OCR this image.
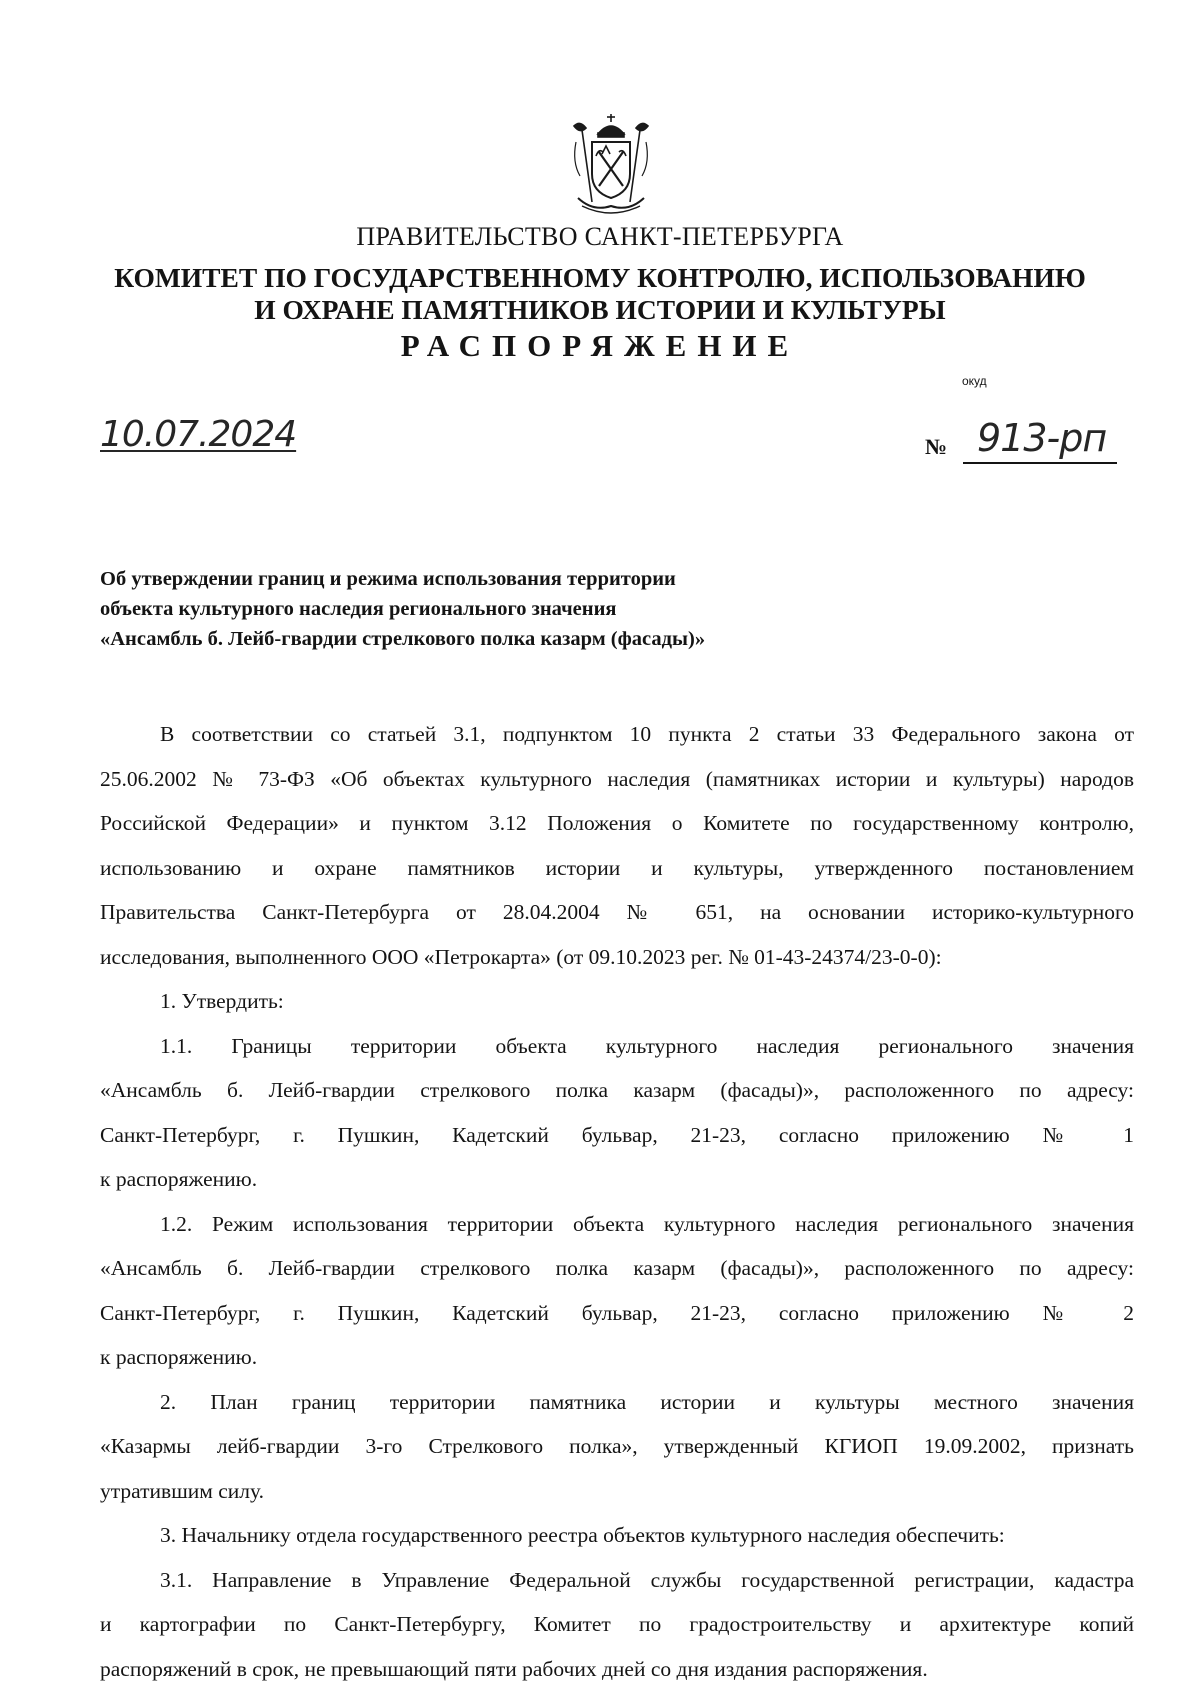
ПРАВИТЕЛЬСТВО САНКТ-ПЕТЕРБУРГА
КОМИТЕТ ПО ГОСУДАРСТВЕННОМУ КОНТРОЛЮ, ИСПОЛЬЗОВАНИЮ
И ОХРАНЕ ПАМЯТНИКОВ ИСТОРИИ И КУЛЬТУРЫ
РАСПОРЯЖЕНИЕ
окуд
10.07.2024	№ 913-рп
Об утверждении границ и режима использования территории
объекта культурного наследия регионального значения
«Ансамбль б. Лейб-гвардии стрелкового полка казарм (фасады)»
В соответствии со статьей 3.1, подпунктом 10 пункта 2 статьи 33 Федерального закона от
25.06.2002 № 73-ФЗ «Об объектах культурного наследия (памятниках истории и культуры) народов
Российской Федерации» и пунктом 3.12 Положения о Комитете по государственному контролю,
использованию и охране памятников истории и культуры, утвержденного постановлением
Правительства Санкт-Петербурга от 28.04.2004 № 651, на основании историко-культурного
исследования, выполненного ООО «Петрокарта» (от 09.10.2023 рег. № 01-43-24374/23-0-0):
1. Утвердить:
1.1. Границы территории объекта культурного наследия регионального значения
«Ансамбль б. Лейб-гвардии стрелкового полка казарм (фасады)», расположенного по адресу:
Санкт-Петербург, г. Пушкин, Кадетский бульвар, 21-23, согласно приложению № 1
к распоряжению.
1.2. Режим использования территории объекта культурного наследия регионального значения
«Ансамбль б. Лейб-гвардии стрелкового полка казарм (фасады)», расположенного по адресу:
Санкт-Петербург, г. Пушкин, Кадетский бульвар, 21-23, согласно приложению № 2
к распоряжению.
2. План границ территории памятника истории и культуры местного значения
«Казармы лейб-гвардии 3-го Стрелкового полка», утвержденный КГИОП 19.09.2002, признать
утратившим силу.
3. Начальнику отдела государственного реестра объектов культурного наследия обеспечить:
3.1. Направление в Управление Федеральной службы государственной регистрации, кадастра
и картографии по Санкт-Петербургу, Комитет по градостроительству и архитектуре копий
распоряжений в срок, не превышающий пяти рабочих дней со дня издания распоряжения.
